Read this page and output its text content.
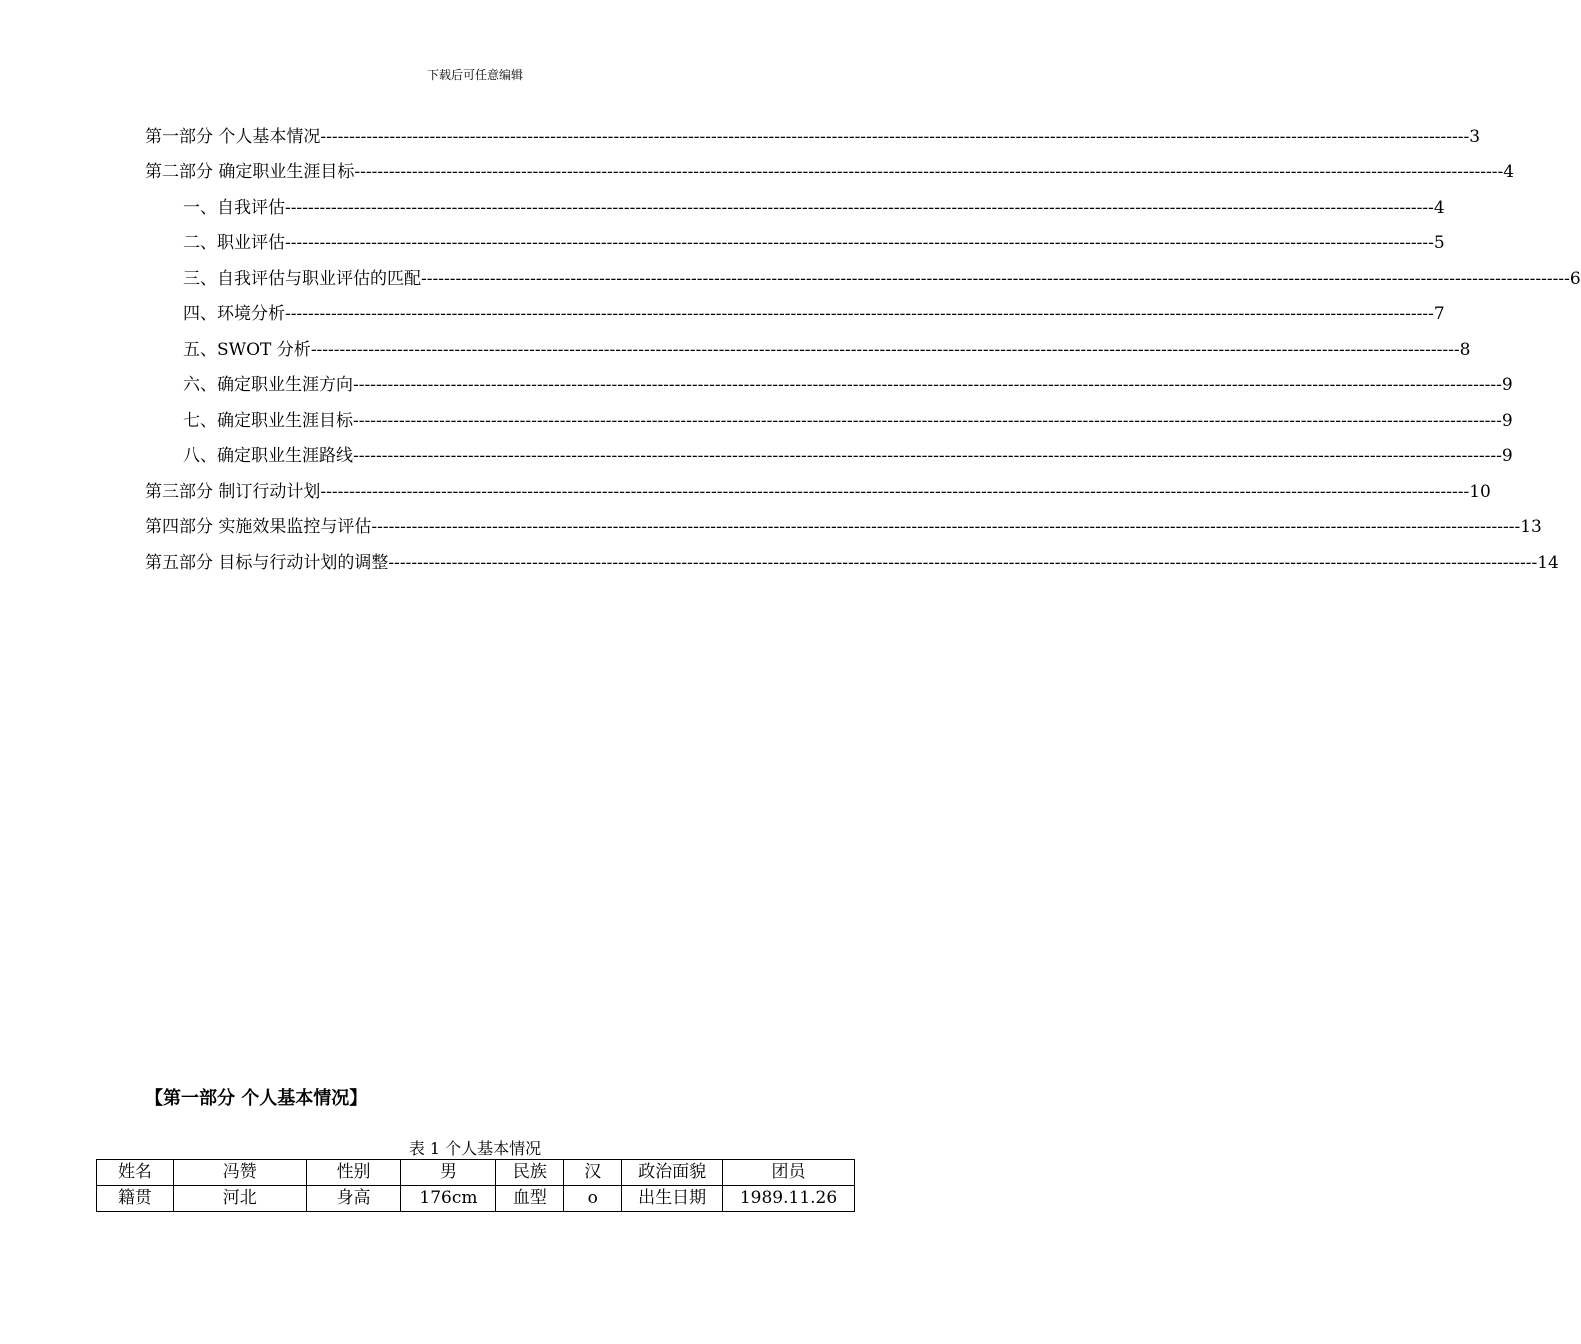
下载后可任意编辑
第一部分 个人基本情况 -------------------------------------------------------------------------------------------------------------------------------------------------------------------------------------------------------- 3
第二部分 确定职业生涯目标 -------------------------------------------------------------------------------------------------------------------------------------------------------------------------------------------------------- 4
一、自我评估 -------------------------------------------------------------------------------------------------------------------------------------------------------------------------------------------------------- 4
二、职业评估 -------------------------------------------------------------------------------------------------------------------------------------------------------------------------------------------------------- 5
三、自我评估与职业评估的匹配 -------------------------------------------------------------------------------------------------------------------------------------------------------------------------------------------------------- 6
四、环境分析 -------------------------------------------------------------------------------------------------------------------------------------------------------------------------------------------------------- 7
五、SWOT 分析 -------------------------------------------------------------------------------------------------------------------------------------------------------------------------------------------------------- 8
六、确定职业生涯方向 -------------------------------------------------------------------------------------------------------------------------------------------------------------------------------------------------------- 9
七、确定职业生涯目标 -------------------------------------------------------------------------------------------------------------------------------------------------------------------------------------------------------- 9
八、确定职业生涯路线 -------------------------------------------------------------------------------------------------------------------------------------------------------------------------------------------------------- 9
第三部分 制订行动计划 -------------------------------------------------------------------------------------------------------------------------------------------------------------------------------------------------------- 10
第四部分 实施效果监控与评估 -------------------------------------------------------------------------------------------------------------------------------------------------------------------------------------------------------- 13
第五部分 目标与行动计划的调整 -------------------------------------------------------------------------------------------------------------------------------------------------------------------------------------------------------- 14
【第一部分 个人基本情况】
表 1 个人基本情况
姓名	冯赞	性别	男	民族	汉	政治面貌	团员
籍贯	河北	身高	176cm	血型	o	出生日期	1989.11.26
